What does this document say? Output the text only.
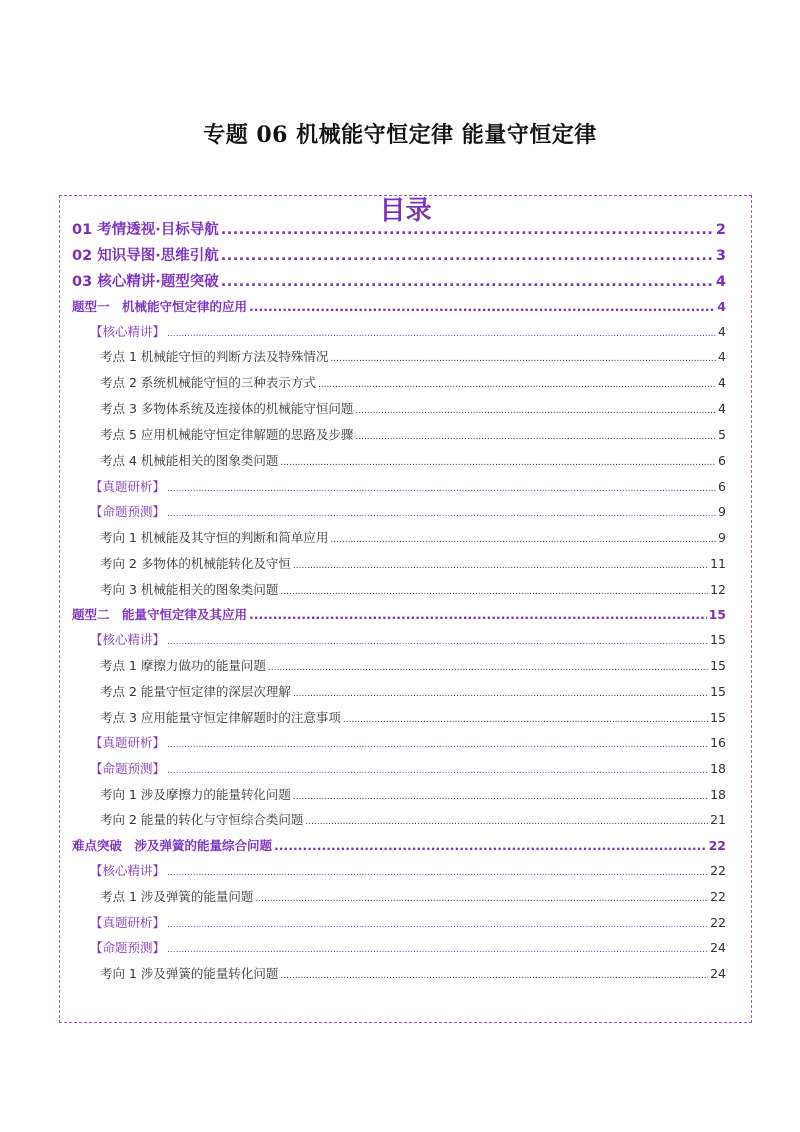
专题 06 机械能守恒定律 能量守恒定律
目录
01 考情透视·目标导航 .....	2
02 知识导图·思维引航 .....	3
03 核心精讲·题型突破 .....	4
题型一　机械能守恒定律的应用 .....	4
【核心精讲】 .....	4
考点 1 机械能守恒的判断方法及特殊情况 .....	4
考点 2 系统机械能守恒的三种表示方式 .....	4
考点 3 多物体系统及连接体的机械能守恒问题 .....	4
考点 5 应用机械能守恒定律解题的思路及步骤 .....	5
考点 4 机械能相关的图象类问题 .....	6
【真题研析】 .....	6
【命题预测】 .....	9
考向 1 机械能及其守恒的判断和简单应用 .....	9
考向 2 多物体的机械能转化及守恒 .....	11
考向 3 机械能相关的图象类问题 .....	12
题型二　能量守恒定律及其应用 .....	15
【核心精讲】 .....	15
考点 1 摩擦力做功的能量问题 .....	15
考点 2 能量守恒定律的深层次理解 .....	15
考点 3 应用能量守恒定律解题时的注意事项 .....	15
【真题研析】 .....	16
【命题预测】 .....	18
考向 1 涉及摩擦力的能量转化问题 .....	18
考向 2 能量的转化与守恒综合类问题 .....	21
难点突破　涉及弹簧的能量综合问题 .....	22
【核心精讲】 .....	22
考点 1 涉及弹簧的能量问题 .....	22
【真题研析】 .....	22
【命题预测】 .....	24
考向 1 涉及弹簧的能量转化问题 .....	24
